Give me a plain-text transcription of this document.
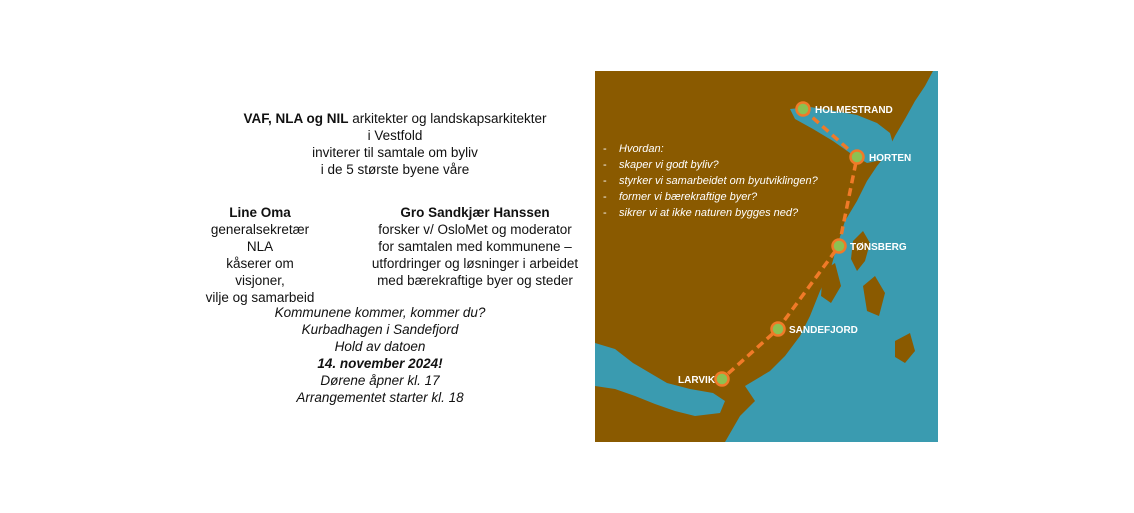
VAF, NLA og NIL arkitekter og landskapsarkitekter
i Vestfold
inviterer til samtale om byliv
i de 5 største byene våre
Line Oma
generalsekretær NLA
kåserer om visjoner,
vilje og samarbeid
Gro Sandkjær Hanssen
forsker v/ OsloMet og moderator
for samtalen med kommunene –
utfordringer og løsninger i arbeidet
med bærekraftige byer og steder
Kommunene kommer, kommer du?
Kurbadhagen i Sandefjord
Hold av datoen
14. november 2024!
Dørene åpner kl. 17
Arrangementet starter kl. 18
HOLMESTRAND
HORTEN
TØNSBERG
SANDEFJORD
LARVIK
- Hvordan:
- skaper vi godt byliv?
- styrker vi samarbeidet om byutviklingen?
- former vi bærekraftige byer?
- sikrer vi at ikke naturen bygges ned?
